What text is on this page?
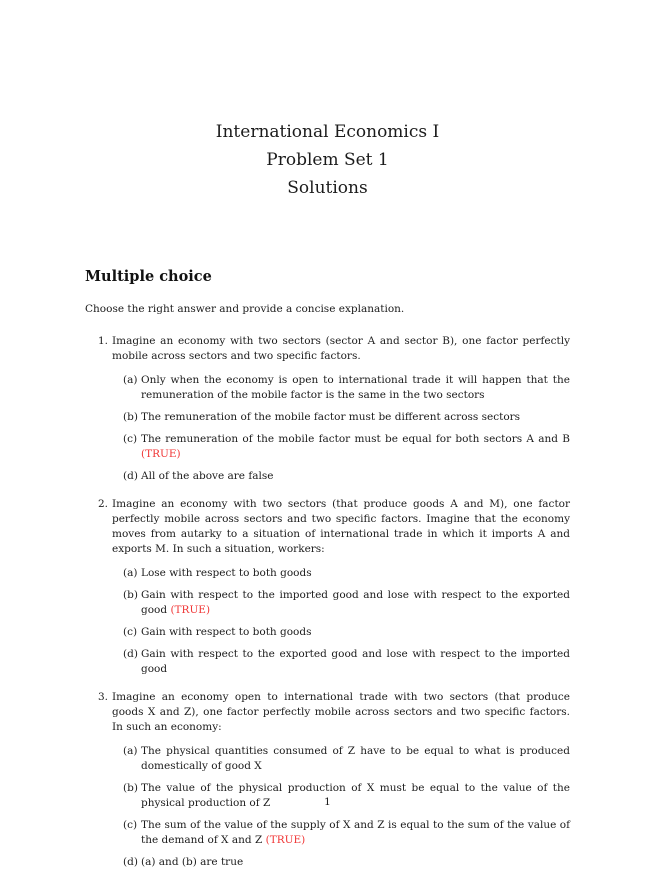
International Economics I
Problem Set 1
Solutions
Multiple choice

Choose the right answer and provide a concise explanation.

1. Imagine an economy with two sectors (sector A and sector B), one factor perfectly mobile across sectors and two specific factors.
(a) Only when the economy is open to international trade it will happen that the remuneration of the mobile factor is the same in the two sectors
(b) The remuneration of the mobile factor must be different across sectors
(c) The remuneration of the mobile factor must be equal for both sectors A and B (TRUE)
(d) All of the above are false
2. Imagine an economy with two sectors (that produce goods A and M), one factor perfectly mobile across sectors and two specific factors. Imagine that the economy moves from autarky to a situation of international trade in which it imports A and exports M. In such a situation, workers:
(a) Lose with respect to both goods
(b) Gain with respect to the imported good and lose with respect to the exported good (TRUE)
(c) Gain with respect to both goods
(d) Gain with respect to the exported good and lose with respect to the imported good
3. Imagine an economy open to international trade with two sectors (that produce goods X and Z), one factor perfectly mobile across sectors and two specific factors. In such an economy:
(a) The physical quantities consumed of Z have to be equal to what is produced domestically of good X
(b) The value of the physical production of X must be equal to the value of the physical production of Z
(c) The sum of the value of the supply of X and Z is equal to the sum of the value of the demand of X and Z (TRUE)
(d) (a) and (b) are true
1
